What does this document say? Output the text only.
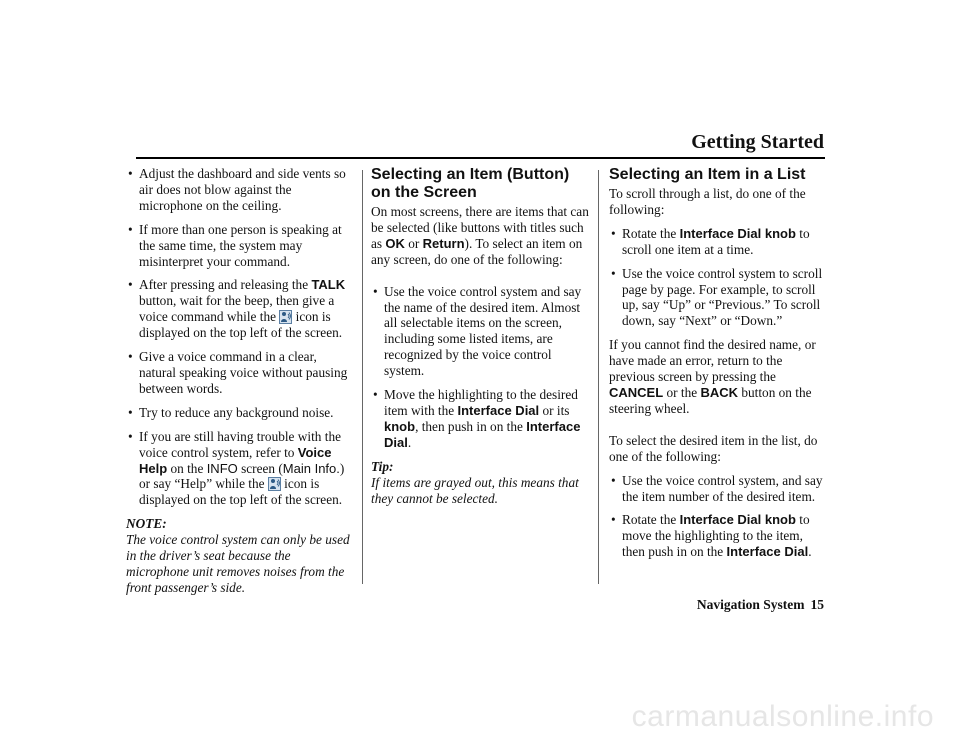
Getting Started
• Adjust the dashboard and side vents so air does not blow against the microphone on the ceiling.
• If more than one person is speaking at the same time, the system may misinterpret your command.
• After pressing and releasing the TALK button, wait for the beep, then give a voice command while the  icon is displayed on the top left of the screen.
• Give a voice command in a clear, natural speaking voice without pausing between words.
• Try to reduce any background noise.
• If you are still having trouble with the voice control system, refer to Voice Help on the INFO screen (Main Info.) or say “Help” while the  icon is displayed on the top left of the screen.

NOTE:

The voice control system can only be used in the driver’s seat because the microphone unit removes noises from the front passenger’s side.

Selecting an Item (Button) on the Screen

On most screens, there are items that can be selected (like buttons with titles such as OK or Return). To select an item on any screen, do one of the following:

• Use the voice control system and say the name of the desired item. Almost all selectable items on the screen, including some listed items, are recognized by the voice control system.
• Move the highlighting to the desired item with the Interface Dial or its knob, then push in on the Interface Dial.

Tip:

If items are grayed out, this means that they cannot be selected.

Selecting an Item in a List

To scroll through a list, do one of the following:

• Rotate the Interface Dial knob to scroll one item at a time.
• Use the voice control system to scroll page by page. For example, to scroll up, say “Up” or “Previous.” To scroll down, say “Next” or “Down.”

If you cannot find the desired name, or have made an error, return to the previous screen by pressing the CANCEL or the BACK button on the steering wheel.

To select the desired item in the list, do one of the following:

• Use the voice control system, and say the item number of the desired item.
• Rotate the Interface Dial knob to move the highlighting to the item, then push in on the Interface Dial.

Navigation System 15

carmanualsonline.info
